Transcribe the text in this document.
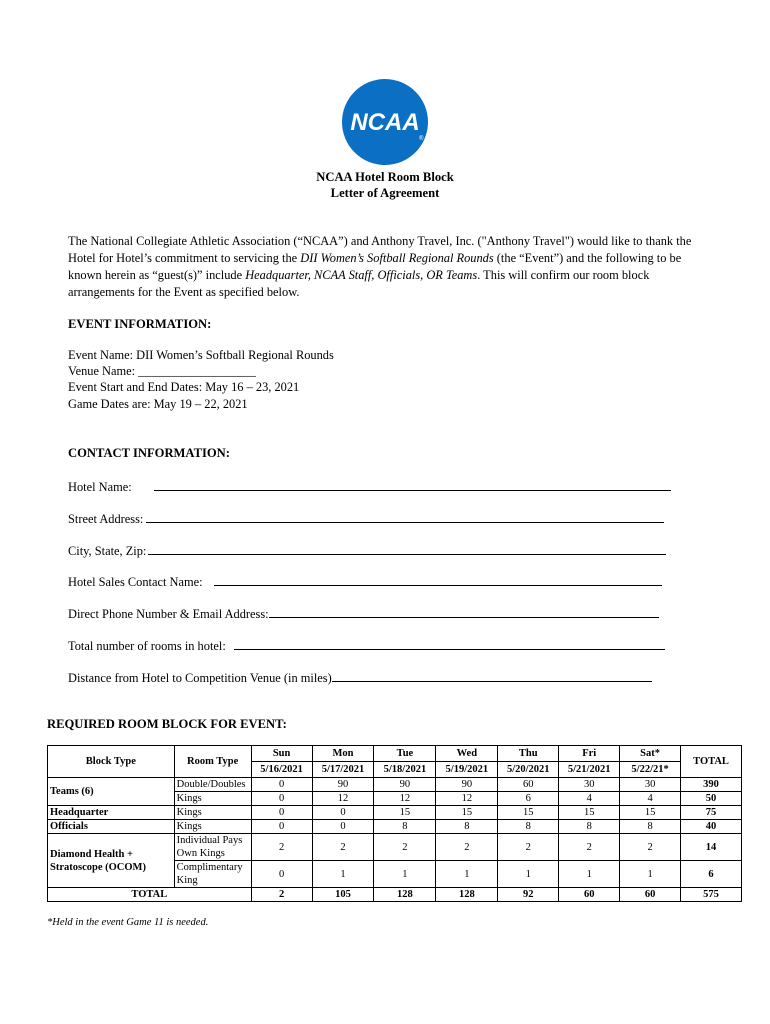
NCAA
®
NCAA Hotel Room Block
Letter of Agreement
The National Collegiate Athletic Association (“NCAA”) and Anthony Travel, Inc. ("Anthony Travel") would like to thank the Hotel for Hotel’s commitment to servicing the DII Women’s Softball Regional Rounds (the “Event”) and the following to be known herein as “guest(s)” include Headquarter, NCAA Staff, Officials, OR Teams. This will confirm our room block arrangements for the Event as specified below.
EVENT INFORMATION:
Event Name: DII Women’s Softball Regional Rounds
Venue Name: ___________________
Event Start and End Dates: May 16 – 23, 2021
Game Dates are: May 19 – 22, 2021
CONTACT INFORMATION:
Hotel Name:
Street Address:
City, State, Zip:
Hotel Sales Contact Name:
Direct Phone Number & Email Address:
Total number of rooms in hotel:
Distance from Hotel to Competition Venue (in miles)
REQUIRED ROOM BLOCK FOR EVENT:
Block Type	Room Type	Sun	Mon	Tue	Wed	Thu	Fri	Sat*	TOTAL
		5/16/2021	5/17/2021	5/18/2021	5/19/2021	5/20/2021	5/21/2021	5/22/21*	
Teams (6)	Double/Doubles	0	90	90	90	60	30	30	390
	Kings	0	12	12	12	6	4	4	50
Headquarter	Kings	0	0	15	15	15	15	15	75
Officials	Kings	0	0	8	8	8	8	8	40
Diamond Health + Stratoscope (OCOM)	Individual Pays Own Kings	2	2	2	2	2	2	2	14
	Complimentary King	0	1	1	1	1	1	1	6
TOTAL		2	105	128	128	92	60	60	575
*Held in the event Game 11 is needed.
